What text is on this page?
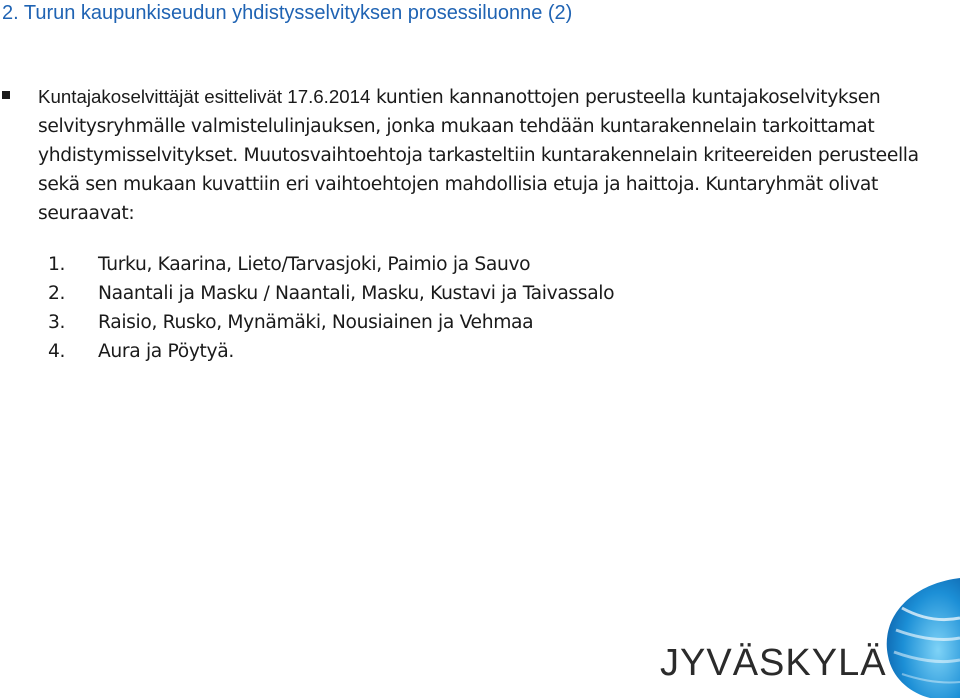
2. Turun kaupunkiseudun yhdistysselvityksen prosessiluonne (2)

Kuntajakoselvittäjät esittelivät 17.6.2014 kuntien kannanottojen perusteella kuntajakoselvityksen selvitysryhmälle valmistelulinjauksen, jonka mukaan tehdään kuntarakennelain tarkoittamat yhdistymisselvitykset. Muutosvaihtoehtoja tarkasteltiin kuntarakennelain kriteereiden perusteella sekä sen mukaan kuvattiin eri vaihtoehtojen mahdollisia etuja ja haittoja. Kuntaryhmät olivat seuraavat:

1. Turku, Kaarina, Lieto/Tarvasjoki, Paimio ja Sauvo
2. Naantali ja Masku / Naantali, Masku, Kustavi ja Taivassalo
3. Raisio, Rusko, Mynämäki, Nousiainen ja Vehmaa
4. Aura ja Pöytyä.
JYVÄSKYLÄ
